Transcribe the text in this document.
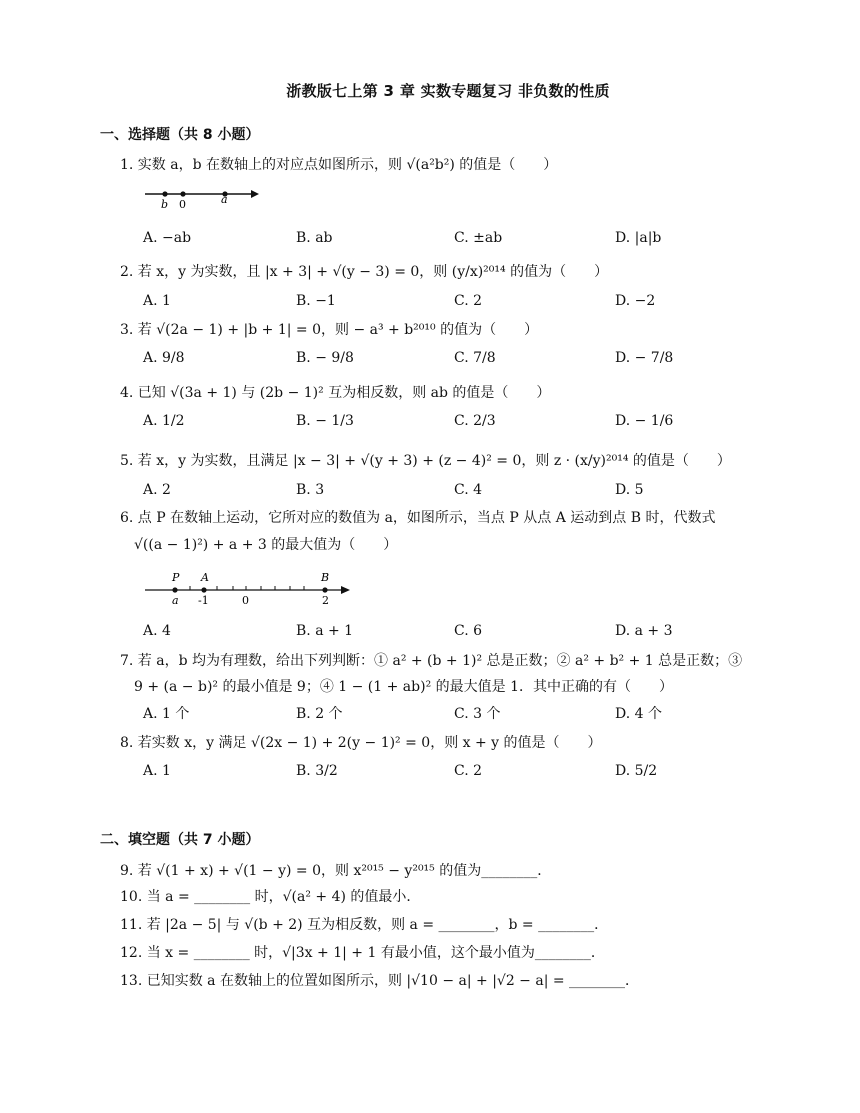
浙教版七上第 3 章 实数专题复习 非负数的性质
一、选择题（共 8 小题）
1. 实数 a，b 在数轴上的对应点如图所示，则 √(a²b²) 的值是（　　）
b 0	a
A. −ab	B. ab	C. ±ab	D. |a|b
2. 若 x，y 为实数，且 |x + 3| + √(y − 3) = 0，则 (y/x)²⁰¹⁴ 的值为（　　）
A. 1	B. −1	C. 2	D. −2
3. 若 √(2a − 1) + |b + 1| = 0，则 − a³ + b²⁰¹⁰ 的值为（　　）
A. 9/8	B. − 9/8	C. 7/8	D. − 7/8
4. 已知 √(3a + 1) 与 (2b − 1)² 互为相反数，则 ab 的值是（　　）
A. 1/2	B. − 1/3	C. 2/3	D. − 1/6
5. 若 x，y 为实数，且满足 |x − 3| + √(y + 3) + (z − 4)² = 0，则 z · (x/y)²⁰¹⁴ 的值是（　　）
A. 2	B. 3	C. 4	D. 5
6. 点 P 在数轴上运动，它所对应的数值为 a，如图所示，当点 P 从点 A 运动到点 B 时，代数式
√((a − 1)²) + a + 3 的最大值为（　　）
P A	B
a -1	0	2
A. 4	B. a + 1	C. 6	D. a + 3
7. 若 a，b 均为有理数，给出下列判断：① a² + (b + 1)² 总是正数；② a² + b² + 1 总是正数；③
9 + (a − b)² 的最小值是 9；④ 1 − (1 + ab)² 的最大值是 1．其中正确的有（　　）
A. 1 个	B. 2 个	C. 3 个	D. 4 个
8. 若实数 x，y 满足 √(2x − 1) + 2(y − 1)² = 0，则 x + y 的值是（　　）
A. 1	B. 3/2	C. 2	D. 5/2
二、填空题（共 7 小题）
9. 若 √(1 + x) + √(1 − y) = 0，则 x²⁰¹⁵ − y²⁰¹⁵ 的值为________．
10. 当 a = ________ 时，√(a² + 4) 的值最小．
11. 若 |2a − 5| 与 √(b + 2) 互为相反数，则 a = ________，b = ________．
12. 当 x = ________ 时，√|3x + 1| + 1 有最小值，这个最小值为________．
13. 已知实数 a 在数轴上的位置如图所示，则 |√10 − a| + |√2 − a| = ________．
